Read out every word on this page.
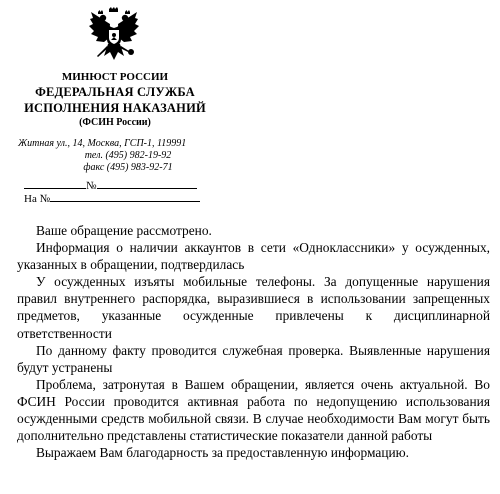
МИНЮСТ РОССИИ
ФЕДЕРАЛЬНАЯ СЛУЖБА
ИСПОЛНЕНИЯ НАКАЗАНИЙ
(ФСИН России)
Житная ул., 14, Москва, ГСП-1, 119991
тел. (495) 982-19-92
факс (495) 983-92-71
№
На №

Ваше обращение рассмотрено.

Информация о наличии аккаунтов в сети «Одноклассники» у осужденных, указанных в обращении, подтвердилась

У осужденных изъяты мобильные телефоны. За допущенные нарушения правил внутреннего распорядка, выразившиеся в использовании запрещенных предметов, указанные осужденные привлечены к дисциплинарной ответственности

По данному факту проводится служебная проверка. Выявленные нарушения будут устранены

Проблема, затронутая в Вашем обращении, является очень актуальной. Во ФСИН России проводится активная работа по недопущению использования осужденными средств мобильной связи. В случае необходимости Вам могут быть дополнительно представлены статистические показатели данной работы

Выражаем Вам благодарность за предоставленную информацию.
